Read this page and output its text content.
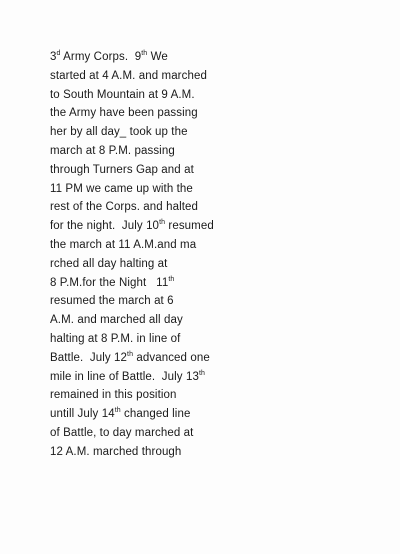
3$^d$ Army Corps.  9th We
started at 4 A.M. and marched
to South Mountain at 9 A.M.
the Army have been passing
her by all day_ took up the
march at 8 P.M. passing
through Turners Gap and at
11 PM we came up with the
rest of the Corps. and halted
for the night.  July 10th resumed
the march at 11 A.M.and ma
rched all day halting at
8 P.M.for the Night   11th
resumed the march at 6
A.M. and marched all day
halting at 8 P.M. in line of
Battle.  July 12th advanced one
mile in line of Battle.  July 13th
remained in this position
untill July 14th changed line
of Battle, to day marched at
12 A.M. marched through
